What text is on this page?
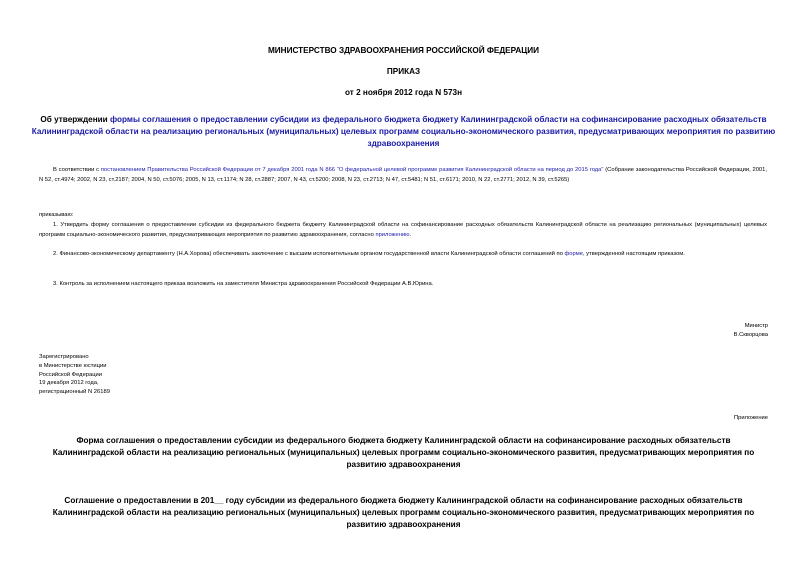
МИНИСТЕРСТВО ЗДРАВООХРАНЕНИЯ РОССИЙСКОЙ ФЕДЕРАЦИИ
ПРИКАЗ
от 2 ноября 2012 года N 573н
Об утверждении формы соглашения о предоставлении субсидии из федерального бюджета бюджету Калининградской области на софинансирование расходных обязательств Калининградской области на реализацию региональных (муниципальных) целевых программ социально-экономического развития, предусматривающих мероприятия по развитию здравоохранения
В соответствии с постановлением Правительства Российской Федерации от 7 декабря 2001 года N 866 "О федеральной целевой программе развития Калининградской области на период до 2015 года" (Собрание законодательства Российской Федерации, 2001, N 52, ст.4974; 2002, N 23, ст.2187; 2004, N 50, ст.5076; 2005, N 13, ст.1174; N 28, ст.2887; 2007, N 43, ст.5200; 2008, N 23, ст.2713; N 47, ст.5481; N 51, ст.6171; 2010, N 22, ст.2771; 2012, N 39, ст.5265)
приказываю:
1. Утвердить форму соглашения о предоставлении субсидии из федерального бюджета бюджету Калининградской области на софинансирование расходных обязательств Калининградской области на реализацию региональных (муниципальных) целевых программ социально-экономического развития, предусматривающих мероприятия по развитию здравоохранения, согласно приложению.
2. Финансово-экономическому департаменту (Н.А.Хорова) обеспечивать заключение с высшим исполнительным органом государственной власти Калининградской области соглашений по форме, утвержденной настоящим приказом.
3. Контроль за исполнением настоящего приказа возложить на заместителя Министра здравоохранения Российской Федерации А.В.Юрина.
Министр
В.Скворцова
Зарегистрировано
в Министерстве юстиции
Российской Федерации
19 декабря 2012 года,
регистрационный N 26189
Приложение
Форма соглашения о предоставлении субсидии из федерального бюджета бюджету Калининградской области на софинансирование расходных обязательств Калининградской области на реализацию региональных (муниципальных) целевых программ социально-экономического развития, предусматривающих мероприятия по развитию здравоохранения
Соглашение о предоставлении в 201__ году субсидии из федерального бюджета бюджету Калининградской области на софинансирование расходных обязательств Калининградской области на реализацию региональных (муниципальных) целевых программ социально-экономического развития, предусматривающих мероприятия по развитию здравоохранения
